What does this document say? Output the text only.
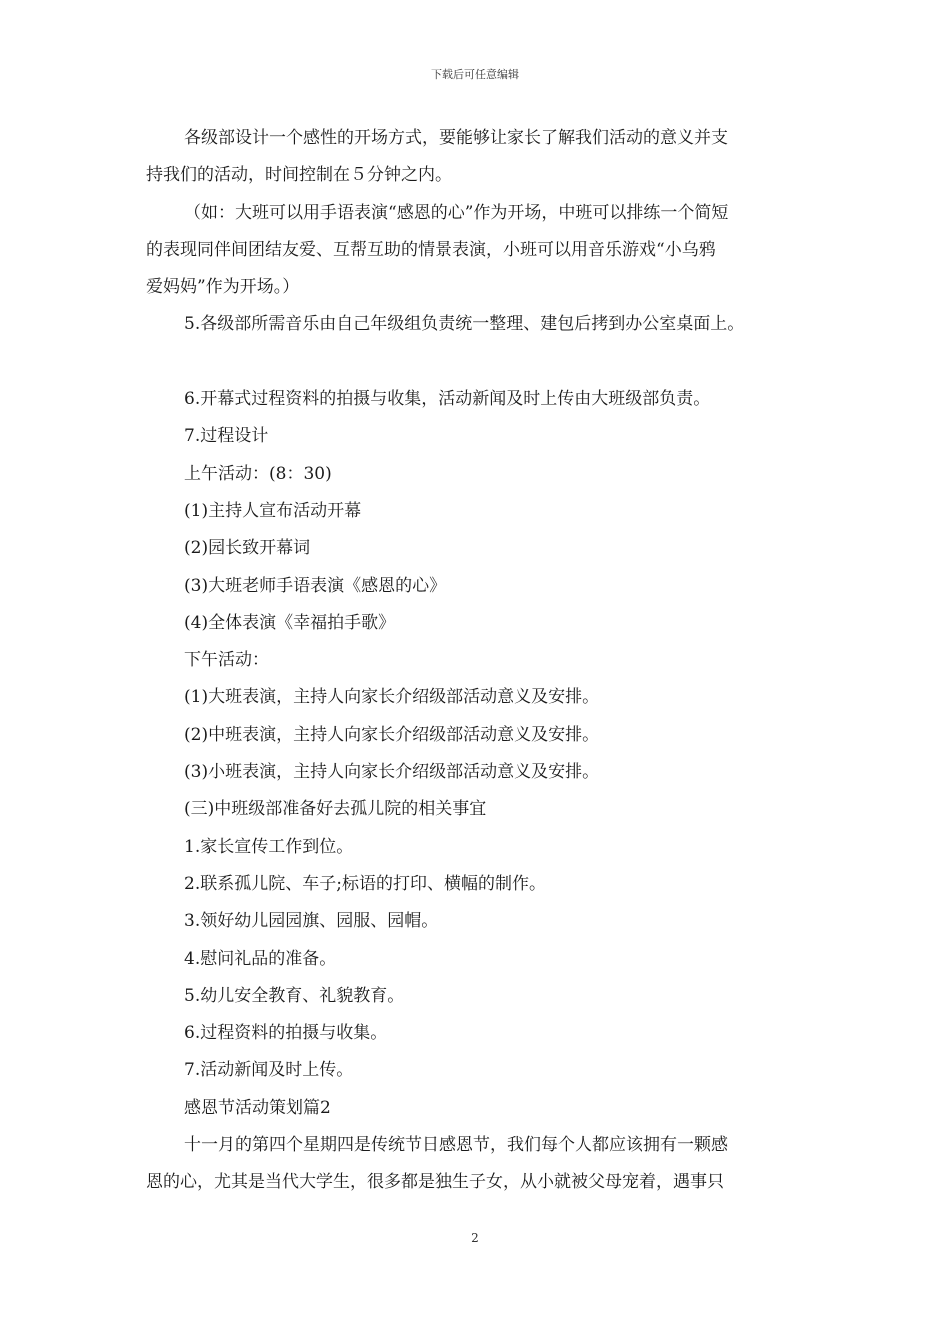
下载后可任意编辑
各级部设计一个感性的开场方式，要能够让家长了解我们活动的意义并支
持我们的活动，时间控制在５分钟之内。
（如：大班可以用手语表演“感恩的心”作为开场，中班可以排练一个简短
的表现同伴间团结友爱、互帮互助的情景表演，小班可以用音乐游戏“小乌鸦
爱妈妈”作为开场。）
5.各级部所需音乐由自己年级组负责统一整理、建包后拷到办公室桌面上。
6.开幕式过程资料的拍摄与收集，活动新闻及时上传由大班级部负责。
7.过程设计
上午活动：(8：30)
(1)主持人宣布活动开幕
(2)园长致开幕词
(3)大班老师手语表演《感恩的心》
(4)全体表演《幸福拍手歌》
下午活动：
(1)大班表演，主持人向家长介绍级部活动意义及安排。
(2)中班表演，主持人向家长介绍级部活动意义及安排。
(3)小班表演，主持人向家长介绍级部活动意义及安排。
(三)中班级部准备好去孤儿院的相关事宜
1.家长宣传工作到位。
2.联系孤儿院、车子;标语的打印、横幅的制作。
3.领好幼儿园园旗、园服、园帽。
4.慰问礼品的准备。
5.幼儿安全教育、礼貌教育。
6.过程资料的拍摄与收集。
7.活动新闻及时上传。
感恩节活动策划篇2
十一月的第四个星期四是传统节日感恩节，我们每个人都应该拥有一颗感
恩的心，尤其是当代大学生，很多都是独生子女，从小就被父母宠着，遇事只
2
